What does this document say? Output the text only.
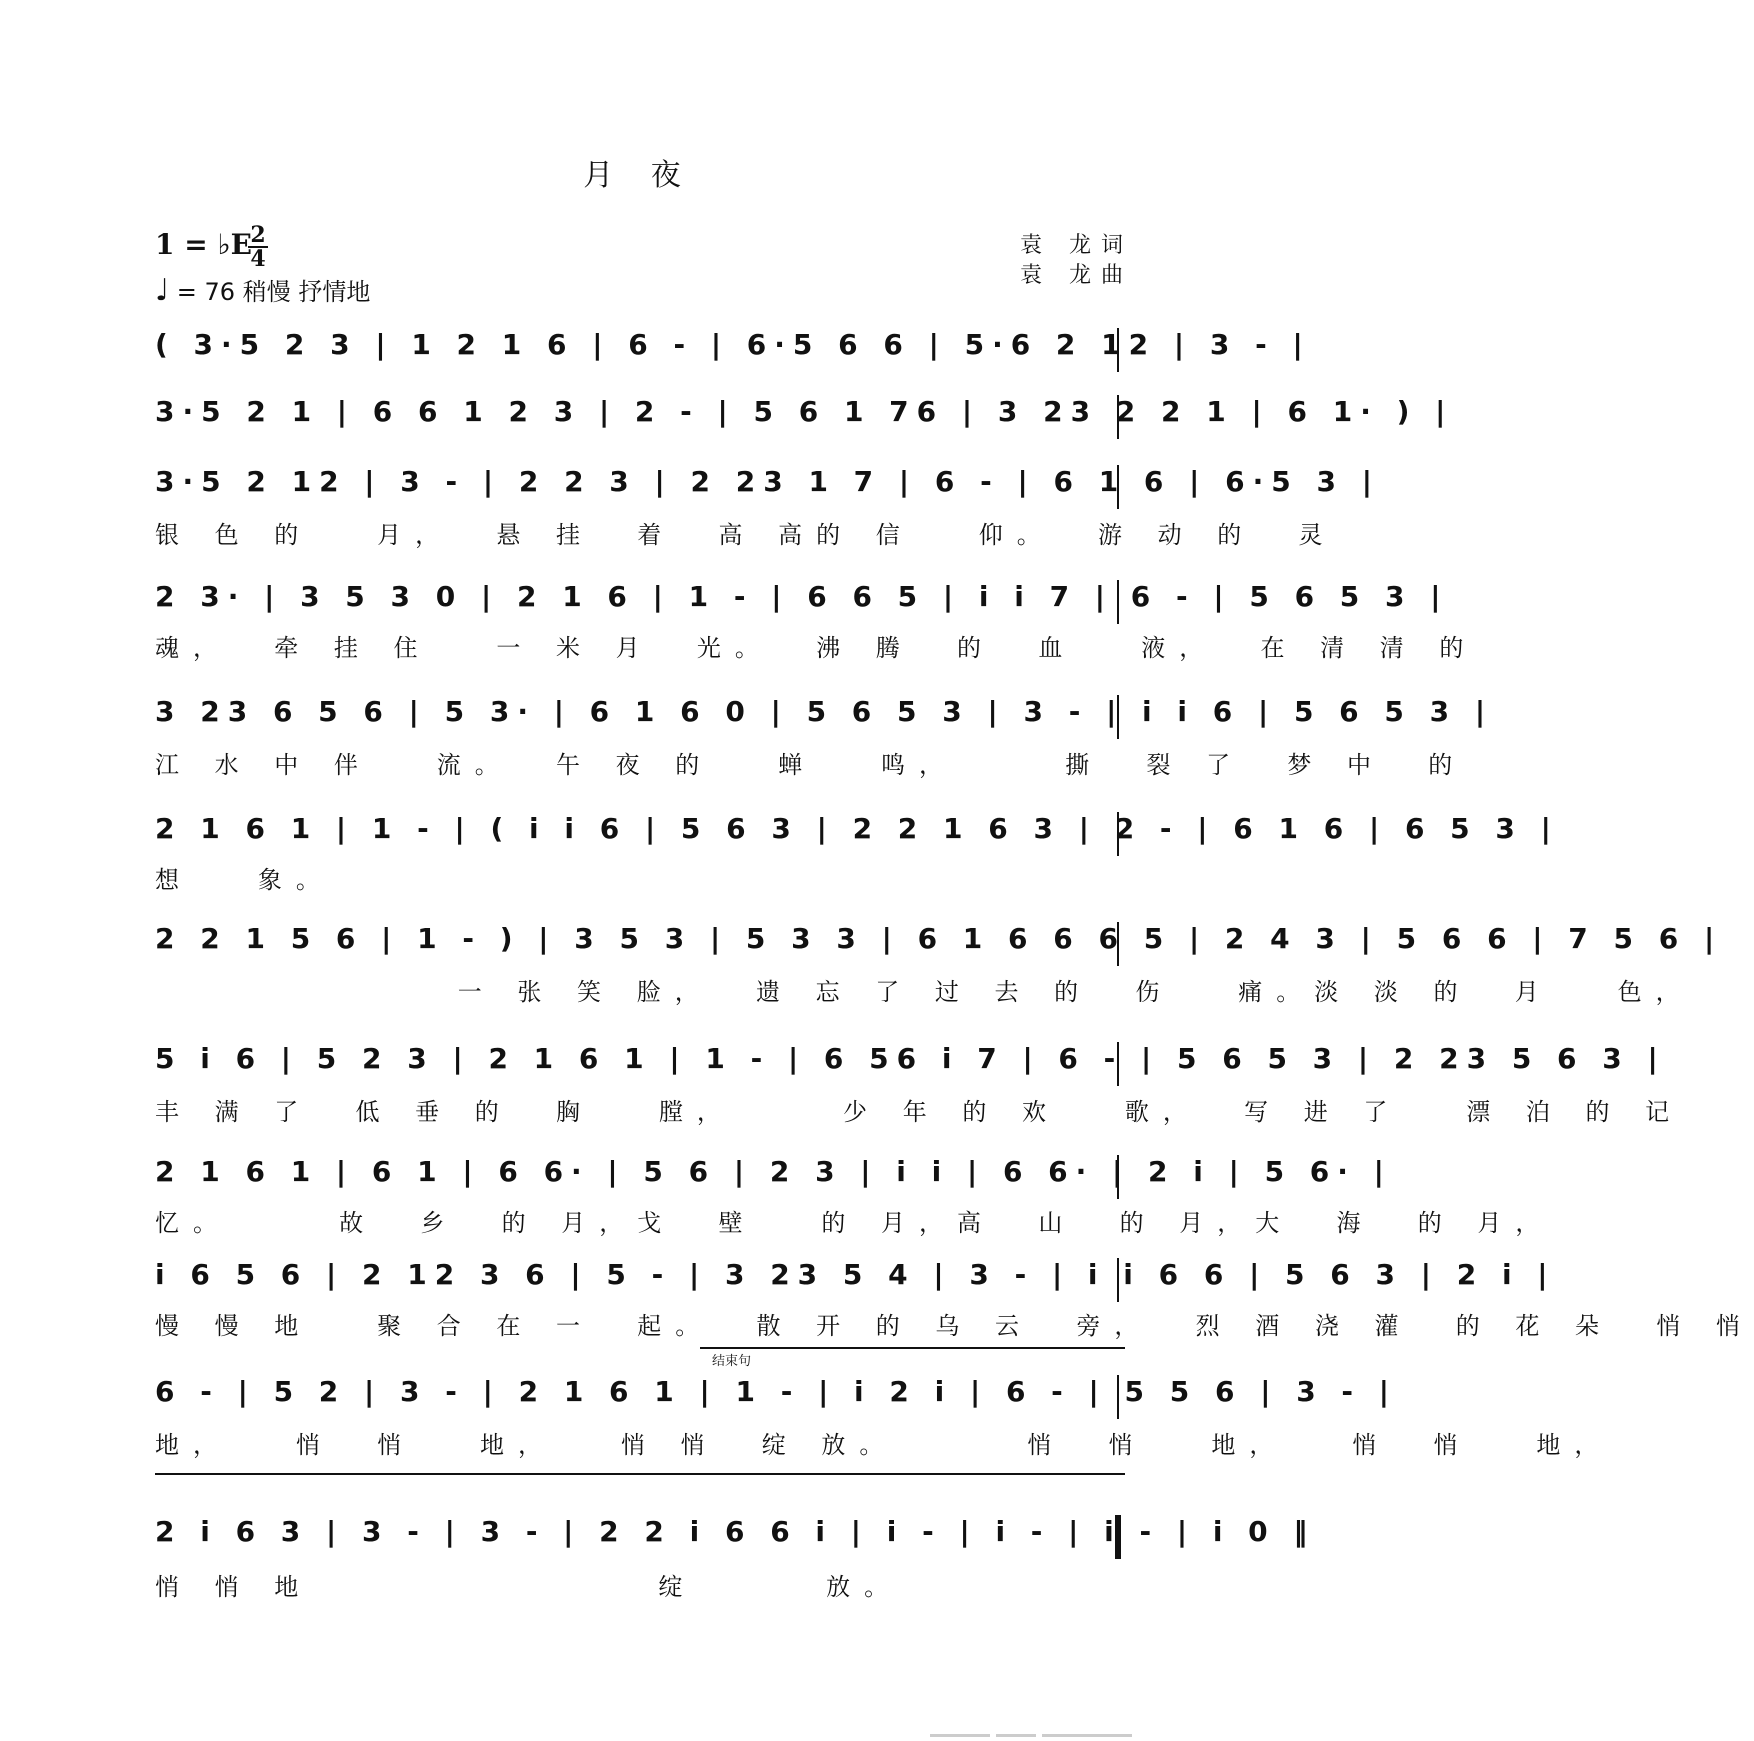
月 夜
1 = ♭E
2
4
♩ = 76 稍慢 抒情地
袁 龙词
袁 龙曲
( 3·5 2 3 | 1 2 1 6 | 6 - | 6·5 6 6 | 5·6 2 12 | 3 - |
3·5 2 1 | 6 6 1 2 3 | 2 - | 5 6 1 76 | 3 23 2 2 1 | 6 1· ) |
3·5 2 12 | 3 - | 2 2 3 | 2 23 1 7 | 6 - | 6 1 6 | 6·5 3 |
银 色 的   月，  悬 挂  着  高 高的 信   仰。  游 动 的  灵
2 3· | 3 5 3 0 | 2 1 6 | 1 - | 6 6 5 | i i 7 | 6 - | 5 6 5 3 |
魂，  牵 挂 住   一 米 月  光。  沸 腾  的  血   液，  在 清 清 的
3 23 6 5 6 | 5 3· | 6 1 6 0 | 5 6 5 3 | 3 - | i i 6 | 5 6 5 3 |
江 水 中 伴   流。  午 夜 的   蝉   鸣，     撕  裂 了  梦 中  的
2 1 6 1 | 1 - | ( i i 6 | 5 6 3 | 2 2 1 6 3 | 2 - | 6 1 6 | 6 5 3 |
想   象。
2 2 1 5 6 | 1 - ) | 3 5 3 | 5 3 3 | 6 1 6 6 6 5 | 2 4 3 | 5 6 6 | 7 5 6 |
一 张 笑 脸，  遗 忘 了 过 去 的  伤   痛。淡 淡 的  月   色，
5 i 6 | 5 2 3 | 2 1 6 1 | 1 - | 6 56 i 7 | 6 - | 5 6 5 3 | 2 23 5 6 3 |
丰 满 了  低 垂 的  胸   膛，     少 年 的 欢   歌，  写 进 了   漂 泊 的 记
2 1 6 1 | 6 1 | 6 6· | 5 6 | 2 3 | i i | 6 6· | 2 i | 5 6· |
忆。     故  乡  的 月，戈  壁   的 月，高  山  的 月，大  海  的 月，
i 6 5 6 | 2 12 3 6 | 5 - | 3 23 5 4 | 3 - | i i 6 6 | 5 6 3 | 2 i |
慢 慢 地   聚 合 在 一  起。  散 开 的 乌 云  旁，  烈 酒 浇 灌  的 花 朵  悄 悄
结束句
6 - | 5 2 | 3 - | 2 1 6 1 | 1 - | i 2 i | 6 - | 5 5 6 | 3 - |
地，   悄  悄   地，   悄 悄  绽 放。      悄  悄   地，   悄  悄   地，
2 i 6 3 | 3 - | 3 - | 2 2 i 6 6 i | i - | i - | i - | i 0 ‖
悄 悄 地                绽      放。
